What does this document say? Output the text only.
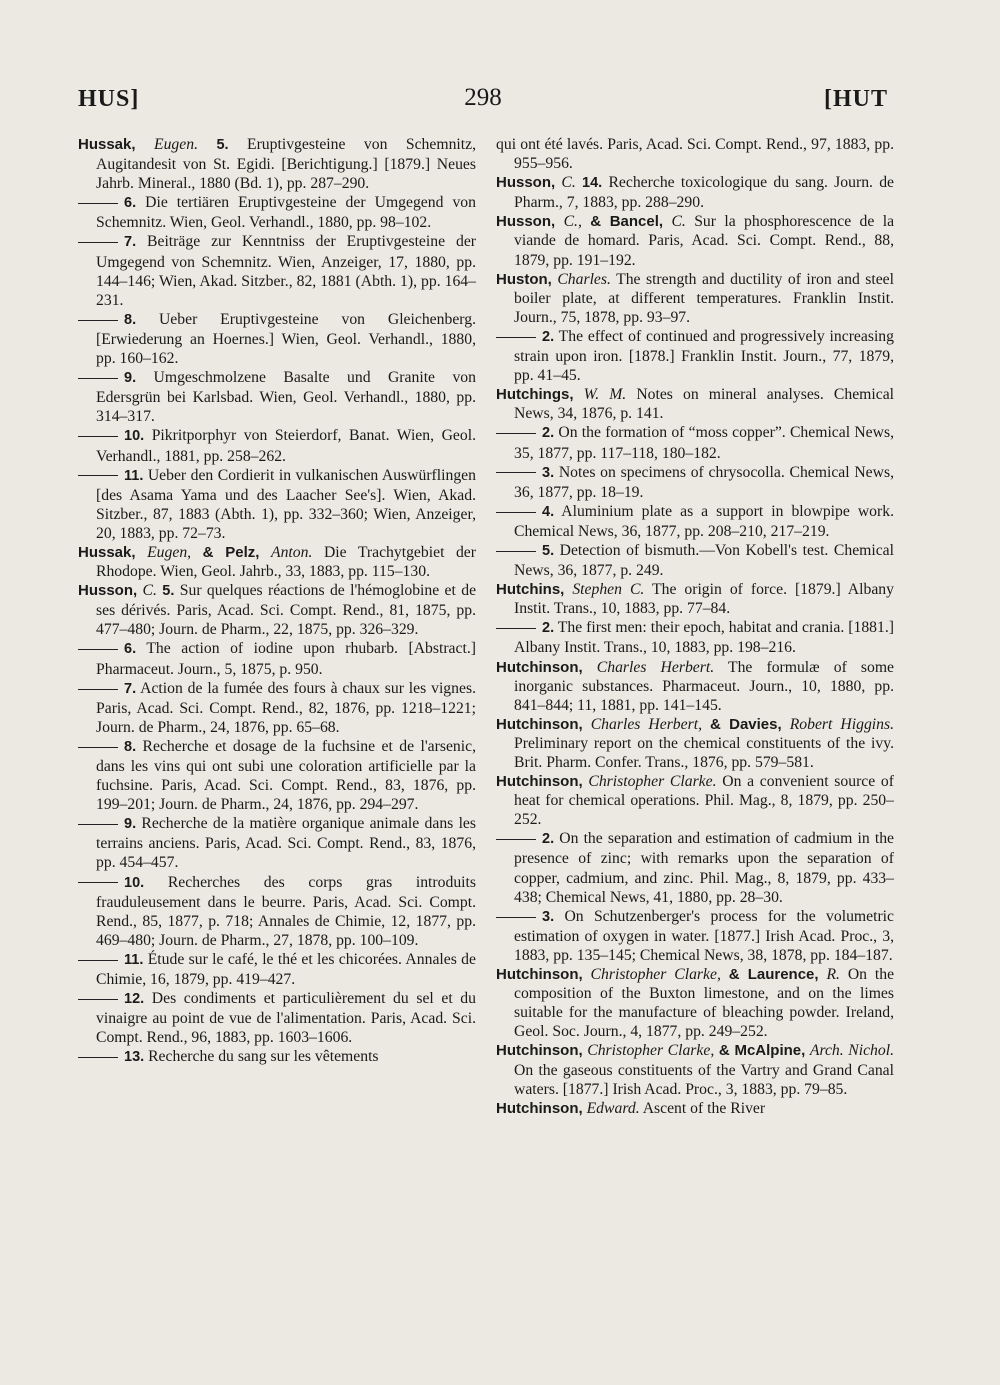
HUS]	298	[HUT

Hussak, Eugen. 5. Eruptivgesteine von Schemnitz, Augitandesit von St. Egidi. [Berichtigung.] [1879.] Neues Jahrb. Mineral., 1880 (Bd. 1), pp. 287–290.

6. Die tertiären Eruptivgesteine der Umgegend von Schemnitz. Wien, Geol. Verhandl., 1880, pp. 98–102.

7. Beiträge zur Kenntniss der Eruptivgesteine der Umgegend von Schemnitz. Wien, Anzeiger, 17, 1880, pp. 144–146; Wien, Akad. Sitzber., 82, 1881 (Abth. 1), pp. 164–231.

8. Ueber Eruptivgesteine von Gleichenberg. [Erwiederung an Hoernes.] Wien, Geol. Verhandl., 1880, pp. 160–162.

9. Umgeschmolzene Basalte und Granite von Edersgrün bei Karlsbad. Wien, Geol. Verhandl., 1880, pp. 314–317.

10. Pikritporphyr von Steierdorf, Banat. Wien, Geol. Verhandl., 1881, pp. 258–262.

11. Ueber den Cordierit in vulkanischen Auswürflingen [des Asama Yama und des Laacher See's]. Wien, Akad. Sitzber., 87, 1883 (Abth. 1), pp. 332–360; Wien, Anzeiger, 20, 1883, pp. 72–73.

Hussak, Eugen, & Pelz, Anton. Die Trachytgebiet der Rhodope. Wien, Geol. Jahrb., 33, 1883, pp. 115–130.

Husson, C. 5. Sur quelques réactions de l'hémoglobine et de ses dérivés. Paris, Acad. Sci. Compt. Rend., 81, 1875, pp. 477–480; Journ. de Pharm., 22, 1875, pp. 326–329.

6. The action of iodine upon rhubarb. [Abstract.] Pharmaceut. Journ., 5, 1875, p. 950.

7. Action de la fumée des fours à chaux sur les vignes. Paris, Acad. Sci. Compt. Rend., 82, 1876, pp. 1218–1221; Journ. de Pharm., 24, 1876, pp. 65–68.

8. Recherche et dosage de la fuchsine et de l'arsenic, dans les vins qui ont subi une coloration artificielle par la fuchsine. Paris, Acad. Sci. Compt. Rend., 83, 1876, pp. 199–201; Journ. de Pharm., 24, 1876, pp. 294–297.

9. Recherche de la matière organique animale dans les terrains anciens. Paris, Acad. Sci. Compt. Rend., 83, 1876, pp. 454–457.

10. Recherches des corps gras introduits frauduleusement dans le beurre. Paris, Acad. Sci. Compt. Rend., 85, 1877, p. 718; Annales de Chimie, 12, 1877, pp. 469–480; Journ. de Pharm., 27, 1878, pp. 100–109.

11. Étude sur le café, le thé et les chicorées. Annales de Chimie, 16, 1879, pp. 419–427.

12. Des condiments et particulièrement du sel et du vinaigre au point de vue de l'alimentation. Paris, Acad. Sci. Compt. Rend., 96, 1883, pp. 1603–1606.

13. Recherche du sang sur les vêtements

qui ont été lavés. Paris, Acad. Sci. Compt. Rend., 97, 1883, pp. 955–956.

Husson, C. 14. Recherche toxicologique du sang. Journ. de Pharm., 7, 1883, pp. 288–290.

Husson, C., & Bancel, C. Sur la phosphorescence de la viande de homard. Paris, Acad. Sci. Compt. Rend., 88, 1879, pp. 191–192.

Huston, Charles. The strength and ductility of iron and steel boiler plate, at different temperatures. Franklin Instit. Journ., 75, 1878, pp. 93–97.

2. The effect of continued and progressively increasing strain upon iron. [1878.] Franklin Instit. Journ., 77, 1879, pp. 41–45.

Hutchings, W. M. Notes on mineral analyses. Chemical News, 34, 1876, p. 141.

2. On the formation of “moss copper”. Chemical News, 35, 1877, pp. 117–118, 180–182.

3. Notes on specimens of chrysocolla. Chemical News, 36, 1877, pp. 18–19.

4. Aluminium plate as a support in blowpipe work. Chemical News, 36, 1877, pp. 208–210, 217–219.

5. Detection of bismuth.—Von Kobell's test. Chemical News, 36, 1877, p. 249.

Hutchins, Stephen C. The origin of force. [1879.] Albany Instit. Trans., 10, 1883, pp. 77–84.

2. The first men: their epoch, habitat and crania. [1881.] Albany Instit. Trans., 10, 1883, pp. 198–216.

Hutchinson, Charles Herbert. The formulæ of some inorganic substances. Pharmaceut. Journ., 10, 1880, pp. 841–844; 11, 1881, pp. 141–145.

Hutchinson, Charles Herbert, & Davies, Robert Higgins. Preliminary report on the chemical constituents of the ivy. Brit. Pharm. Confer. Trans., 1876, pp. 579–581.

Hutchinson, Christopher Clarke. On a convenient source of heat for chemical operations. Phil. Mag., 8, 1879, pp. 250–252.

2. On the separation and estimation of cadmium in the presence of zinc; with remarks upon the separation of copper, cadmium, and zinc. Phil. Mag., 8, 1879, pp. 433–438; Chemical News, 41, 1880, pp. 28–30.

3. On Schutzenberger's process for the volumetric estimation of oxygen in water. [1877.] Irish Acad. Proc., 3, 1883, pp. 135–145; Chemical News, 38, 1878, pp. 184–187.

Hutchinson, Christopher Clarke, & Laurence, R. On the composition of the Buxton limestone, and on the limes suitable for the manufacture of bleaching powder. Ireland, Geol. Soc. Journ., 4, 1877, pp. 249–252.

Hutchinson, Christopher Clarke, & McAlpine, Arch. Nichol. On the gaseous constituents of the Vartry and Grand Canal waters. [1877.] Irish Acad. Proc., 3, 1883, pp. 79–85.

Hutchinson, Edward. Ascent of the River
